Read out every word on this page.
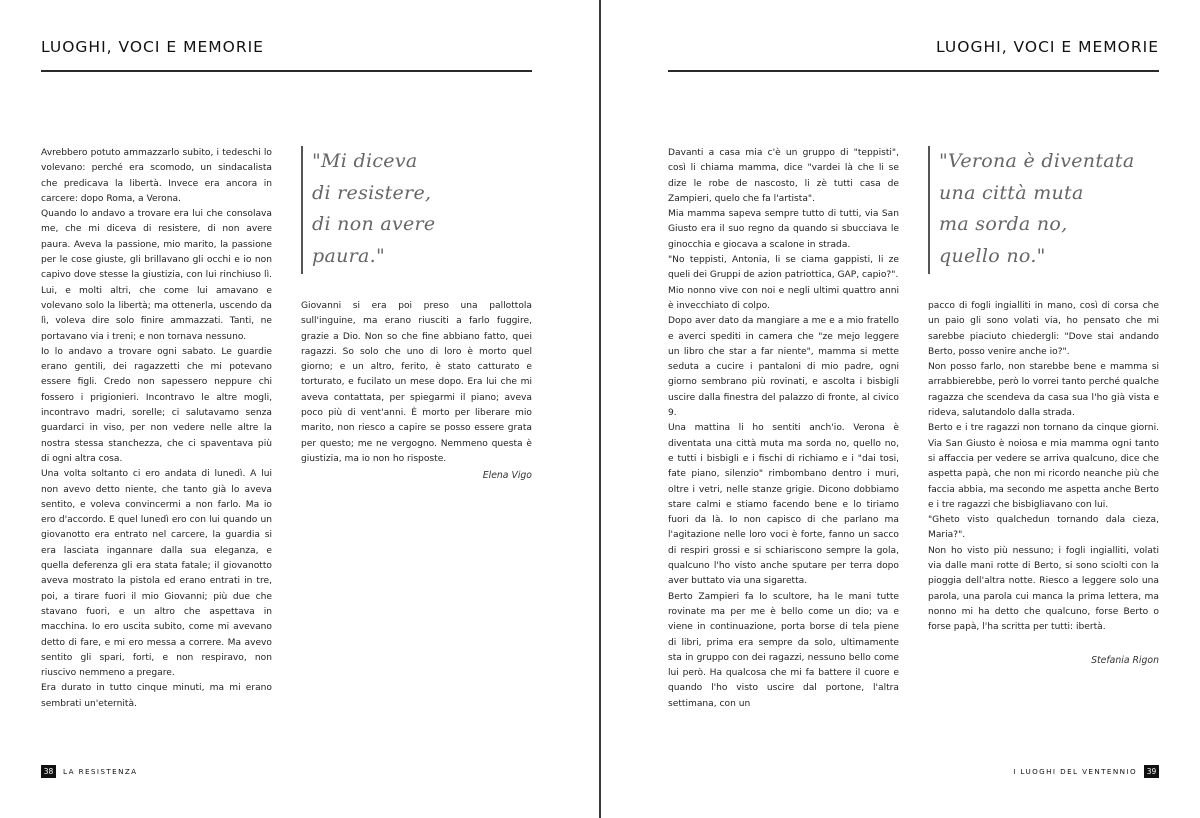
LUOGHI, VOCI E MEMORIE

Avrebbero potuto ammazzarlo subito, i tedeschi lo volevano: perché era scomodo, un sindacalista che predicava la libertà. Invece era ancora in carcere: dopo Roma, a Verona.

Quando lo andavo a trovare era lui che consolava me, che mi diceva di resistere, di non avere paura. Aveva la passione, mio marito, la passione per le cose giuste, gli brillavano gli occhi e io non capivo dove stesse la giustizia, con lui rinchiuso lì. Lui, e molti altri, che come lui amavano e volevano solo la libertà; ma ottenerla, uscendo da lì, voleva dire solo finire ammazzati. Tanti, ne portavano via i treni; e non tornava nessuno.

Io lo andavo a trovare ogni sabato. Le guardie erano gentili, dei ragazzetti che mi potevano essere figli. Credo non sapessero neppure chi fossero i prigionieri. Incontravo le altre mogli, incontravo madri, sorelle; ci salutavamo senza guardarci in viso, per non vedere nelle altre la nostra stessa stanchezza, che ci spaventava più di ogni altra cosa.

Una volta soltanto ci ero andata di lunedì. A lui non avevo detto niente, che tanto già lo aveva sentito, e voleva convincermi a non farlo. Ma io ero d'accordo. E quel lunedì ero con lui quando un giovanotto era entrato nel carcere, la guardia si era lasciata ingannare dalla sua eleganza, e quella deferenza gli era stata fatale; il giovanotto aveva mostrato la pistola ed erano entrati in tre, poi, a tirare fuori il mio Giovanni; più due che stavano fuori, e un altro che aspettava in macchina. Io ero uscita subito, come mi avevano detto di fare, e mi ero messa a correre. Ma avevo sentito gli spari, forti, e non respiravo, non riuscivo nemmeno a pregare.

Era durato in tutto cinque minuti, ma mi erano sembrati un'eternità.

"Mi diceva
di resistere,
di non avere
paura."

Giovanni si era poi preso una pallottola sull'inguine, ma erano riusciti a farlo fuggire, grazie a Dio. Non so che fine abbiano fatto, quei ragazzi. So solo che uno di loro è morto quel giorno; e un altro, ferito, è stato catturato e torturato, e fucilato un mese dopo. Era lui che mi aveva contattata, per spiegarmi il piano; aveva poco più di vent'anni. È morto per liberare mio marito, non riesco a capire se posso essere grata per questo; me ne vergogno. Nemmeno questa è giustizia, ma io non ho risposte.

Elena Vigo
38	LA RESISTENZA
LUOGHI, VOCI E MEMORIE

Davanti a casa mia c'è un gruppo di "teppisti", così li chiama mamma, dice "vardei là che li se dize le robe de nascosto, li zè tutti casa de Zampieri, quelo che fa l'artista".

Mia mamma sapeva sempre tutto di tutti, via San Giusto era il suo regno da quando si sbucciava le ginocchia e giocava a scalone in strada.

"No teppisti, Antonia, li se ciama gappisti, li ze queli dei Gruppi de azion patriottica, GAP, capio?".

Mio nonno vive con noi e negli ultimi quattro anni è invecchiato di colpo.

Dopo aver dato da mangiare a me e a mio fratello e averci spediti in camera che "ze mejo leggere un libro che star a far niente", mamma si mette seduta a cucire i pantaloni di mio padre, ogni giorno sembrano più rovinati, e ascolta i bisbigli uscire dalla finestra del palazzo di fronte, al civico 9.

Una mattina li ho sentiti anch'io. Verona è diventata una città muta ma sorda no, quello no, e tutti i bisbigli e i fischi di richiamo e i "dai tosi, fate piano, silenzio" rimbombano dentro i muri, oltre i vetri, nelle stanze grigie. Dicono dobbiamo stare calmi e stiamo facendo bene e lo tiriamo fuori da là. Io non capisco di che parlano ma l'agitazione nelle loro voci è forte, fanno un sacco di respiri grossi e si schiariscono sempre la gola, qualcuno l'ho visto anche sputare per terra dopo aver buttato via una sigaretta.

Berto Zampieri fa lo scultore, ha le mani tutte rovinate ma per me è bello come un dio; va e viene in continuazione, porta borse di tela piene di libri, prima era sempre da solo, ultimamente sta in gruppo con dei ragazzi, nessuno bello come lui però. Ha qualcosa che mi fa battere il cuore e quando l'ho visto uscire dal portone, l'altra settimana, con un

"Verona è diventata
una città muta
ma sorda no,
quello no."

pacco di fogli ingialliti in mano, così di corsa che un paio gli sono volati via, ho pensato che mi sarebbe piaciuto chiedergli: "Dove stai andando Berto, posso venire anche io?".

Non posso farlo, non starebbe bene e mamma si arrabbierebbe, però lo vorrei tanto perché qualche ragazza che scendeva da casa sua l'ho già vista e rideva, salutandolo dalla strada.

Berto e i tre ragazzi non tornano da cinque giorni. Via San Giusto è noiosa e mia mamma ogni tanto si affaccia per vedere se arriva qualcuno, dice che aspetta papà, che non mi ricordo neanche più che faccia abbia, ma secondo me aspetta anche Berto e i tre ragazzi che bisbigliavano con lui.

"Gheto visto qualchedun tornando dala cieza, Maria?".

Non ho visto più nessuno; i fogli ingialliti, volati via dalle mani rotte di Berto, si sono sciolti con la pioggia dell'altra notte. Riesco a leggere solo una parola, una parola cui manca la prima lettera, ma nonno mi ha detto che qualcuno, forse Berto o forse papà, l'ha scritta per tutti: ibertà.

Stefania Rigon
I LUOGHI DEL VENTENNIO	39
